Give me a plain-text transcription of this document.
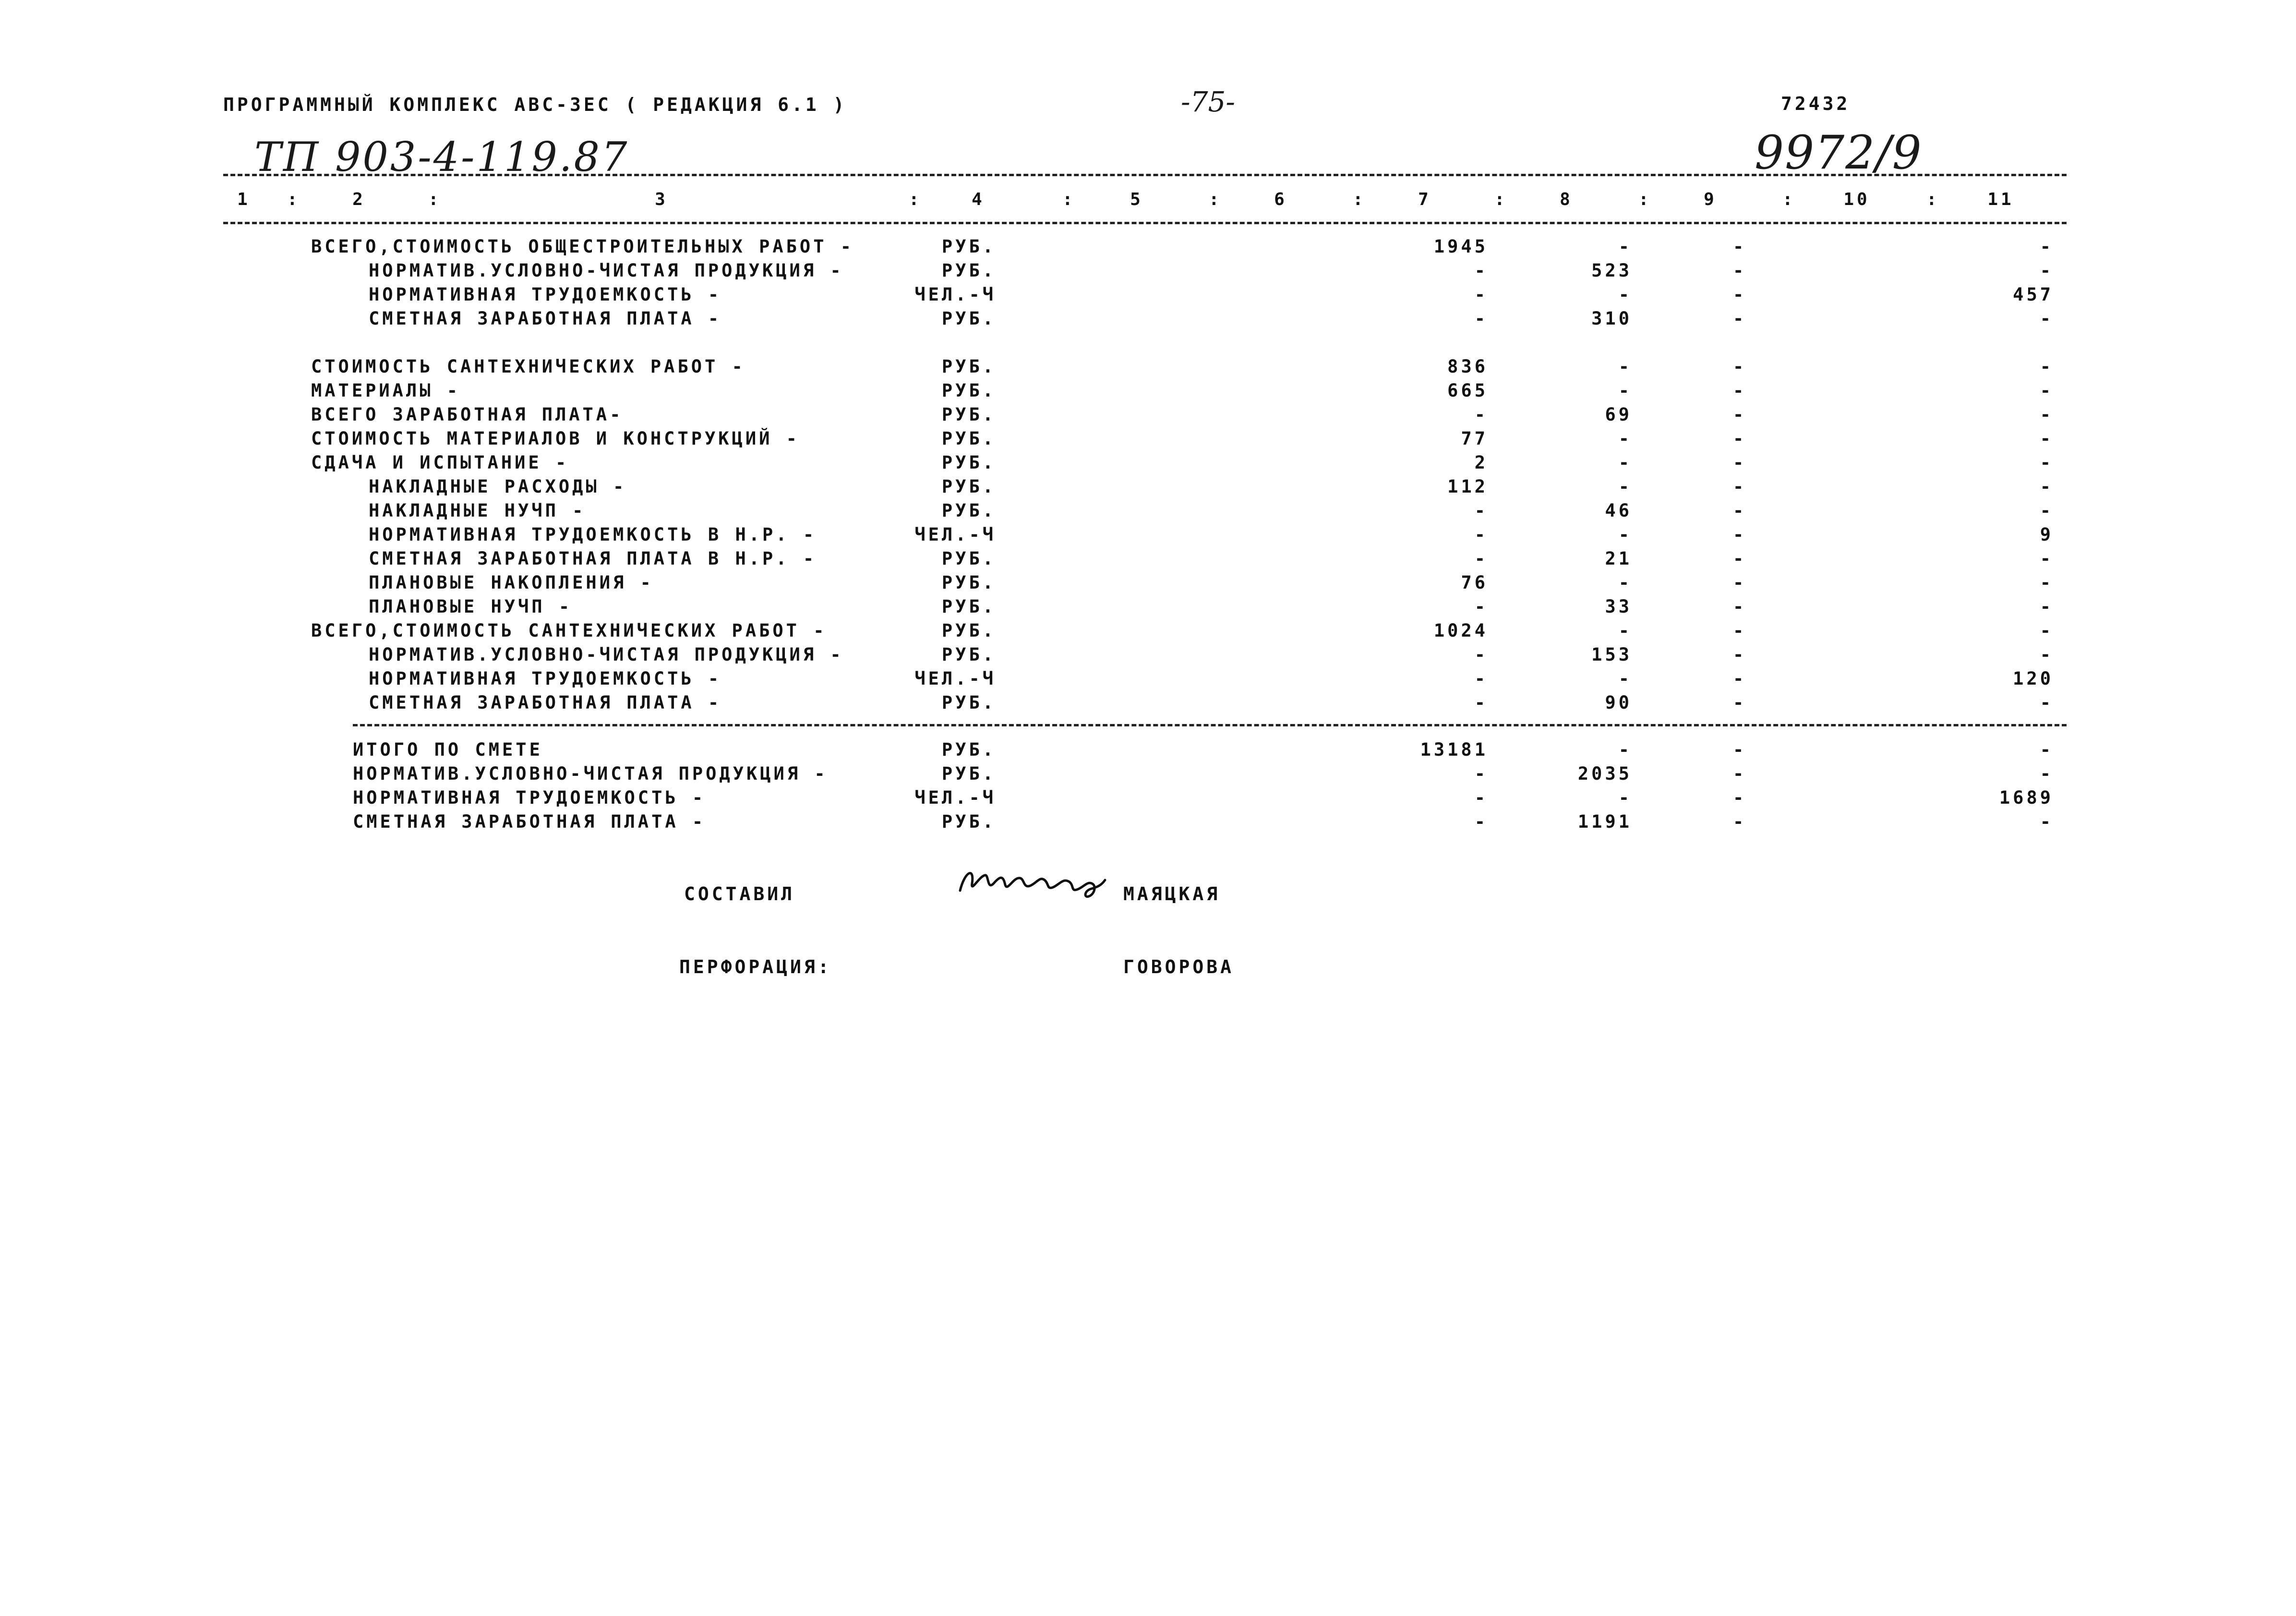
ПРОГРАММНЫЙ КОМПЛЕКС АВС-ЗЕС ( РЕДАКЦИЯ 6.1 )	-75-	72432
ТП 903-4-119.87	9972/9
1	:	2	:	3	:	4	:	5	:	6	:	7	:	8	:	9	:	10	:	11
ВСЕГО,СТОИМОСТЬ ОБЩЕСТРОИТЕЛЬНЫХ РАБОТ -	РУБ.	1945	-	-	-
НОРМАТИВ.УСЛОВНО-ЧИСТАЯ ПРОДУКЦИЯ -	РУБ.	-	523	-	-
НОРМАТИВНАЯ ТРУДОЕМКОСТЬ -	ЧЕЛ.-Ч	-	-	-	457
СМЕТНАЯ ЗАРАБОТНАЯ ПЛАТА -	РУБ.	-	310	-	-
СТОИМОСТЬ САНТЕХНИЧЕСКИХ РАБОТ -	РУБ.	836	-	-	-
МАТЕРИАЛЫ -	РУБ.	665	-	-	-
ВСЕГО ЗАРАБОТНАЯ ПЛАТА-	РУБ.	-	69	-	-
СТОИМОСТЬ МАТЕРИАЛОВ И КОНСТРУКЦИЙ -	РУБ.	77	-	-	-
СДАЧА И ИСПЫТАНИЕ -	РУБ.	2	-	-	-
НАКЛАДНЫЕ РАСХОДЫ -	РУБ.	112	-	-	-
НАКЛАДНЫЕ НУЧП -	РУБ.	-	46	-	-
НОРМАТИВНАЯ ТРУДОЕМКОСТЬ В Н.Р. -	ЧЕЛ.-Ч	-	-	-	9
СМЕТНАЯ ЗАРАБОТНАЯ ПЛАТА В Н.Р. -	РУБ.	-	21	-	-
ПЛАНОВЫЕ НАКОПЛЕНИЯ -	РУБ.	76	-	-	-
ПЛАНОВЫЕ НУЧП -	РУБ.	-	33	-	-
ВСЕГО,СТОИМОСТЬ САНТЕХНИЧЕСКИХ РАБОТ -	РУБ.	1024	-	-	-
НОРМАТИВ.УСЛОВНО-ЧИСТАЯ ПРОДУКЦИЯ -	РУБ.	-	153	-	-
НОРМАТИВНАЯ ТРУДОЕМКОСТЬ -	ЧЕЛ.-Ч	-	-	-	120
СМЕТНАЯ ЗАРАБОТНАЯ ПЛАТА -	РУБ.	-	90	-	-
ИТОГО ПО СМЕТЕ	РУБ.	13181	-	-	-
НОРМАТИВ.УСЛОВНО-ЧИСТАЯ ПРОДУКЦИЯ -	РУБ.	-	2035	-	-
НОРМАТИВНАЯ ТРУДОЕМКОСТЬ -	ЧЕЛ.-Ч	-	-	-	1689
СМЕТНАЯ ЗАРАБОТНАЯ ПЛАТА -	РУБ.	-	1191	-	-
СОСТАВИЛ	МАЯЦКАЯ
ПЕРФОРАЦИЯ:	ГОВОРОВА
